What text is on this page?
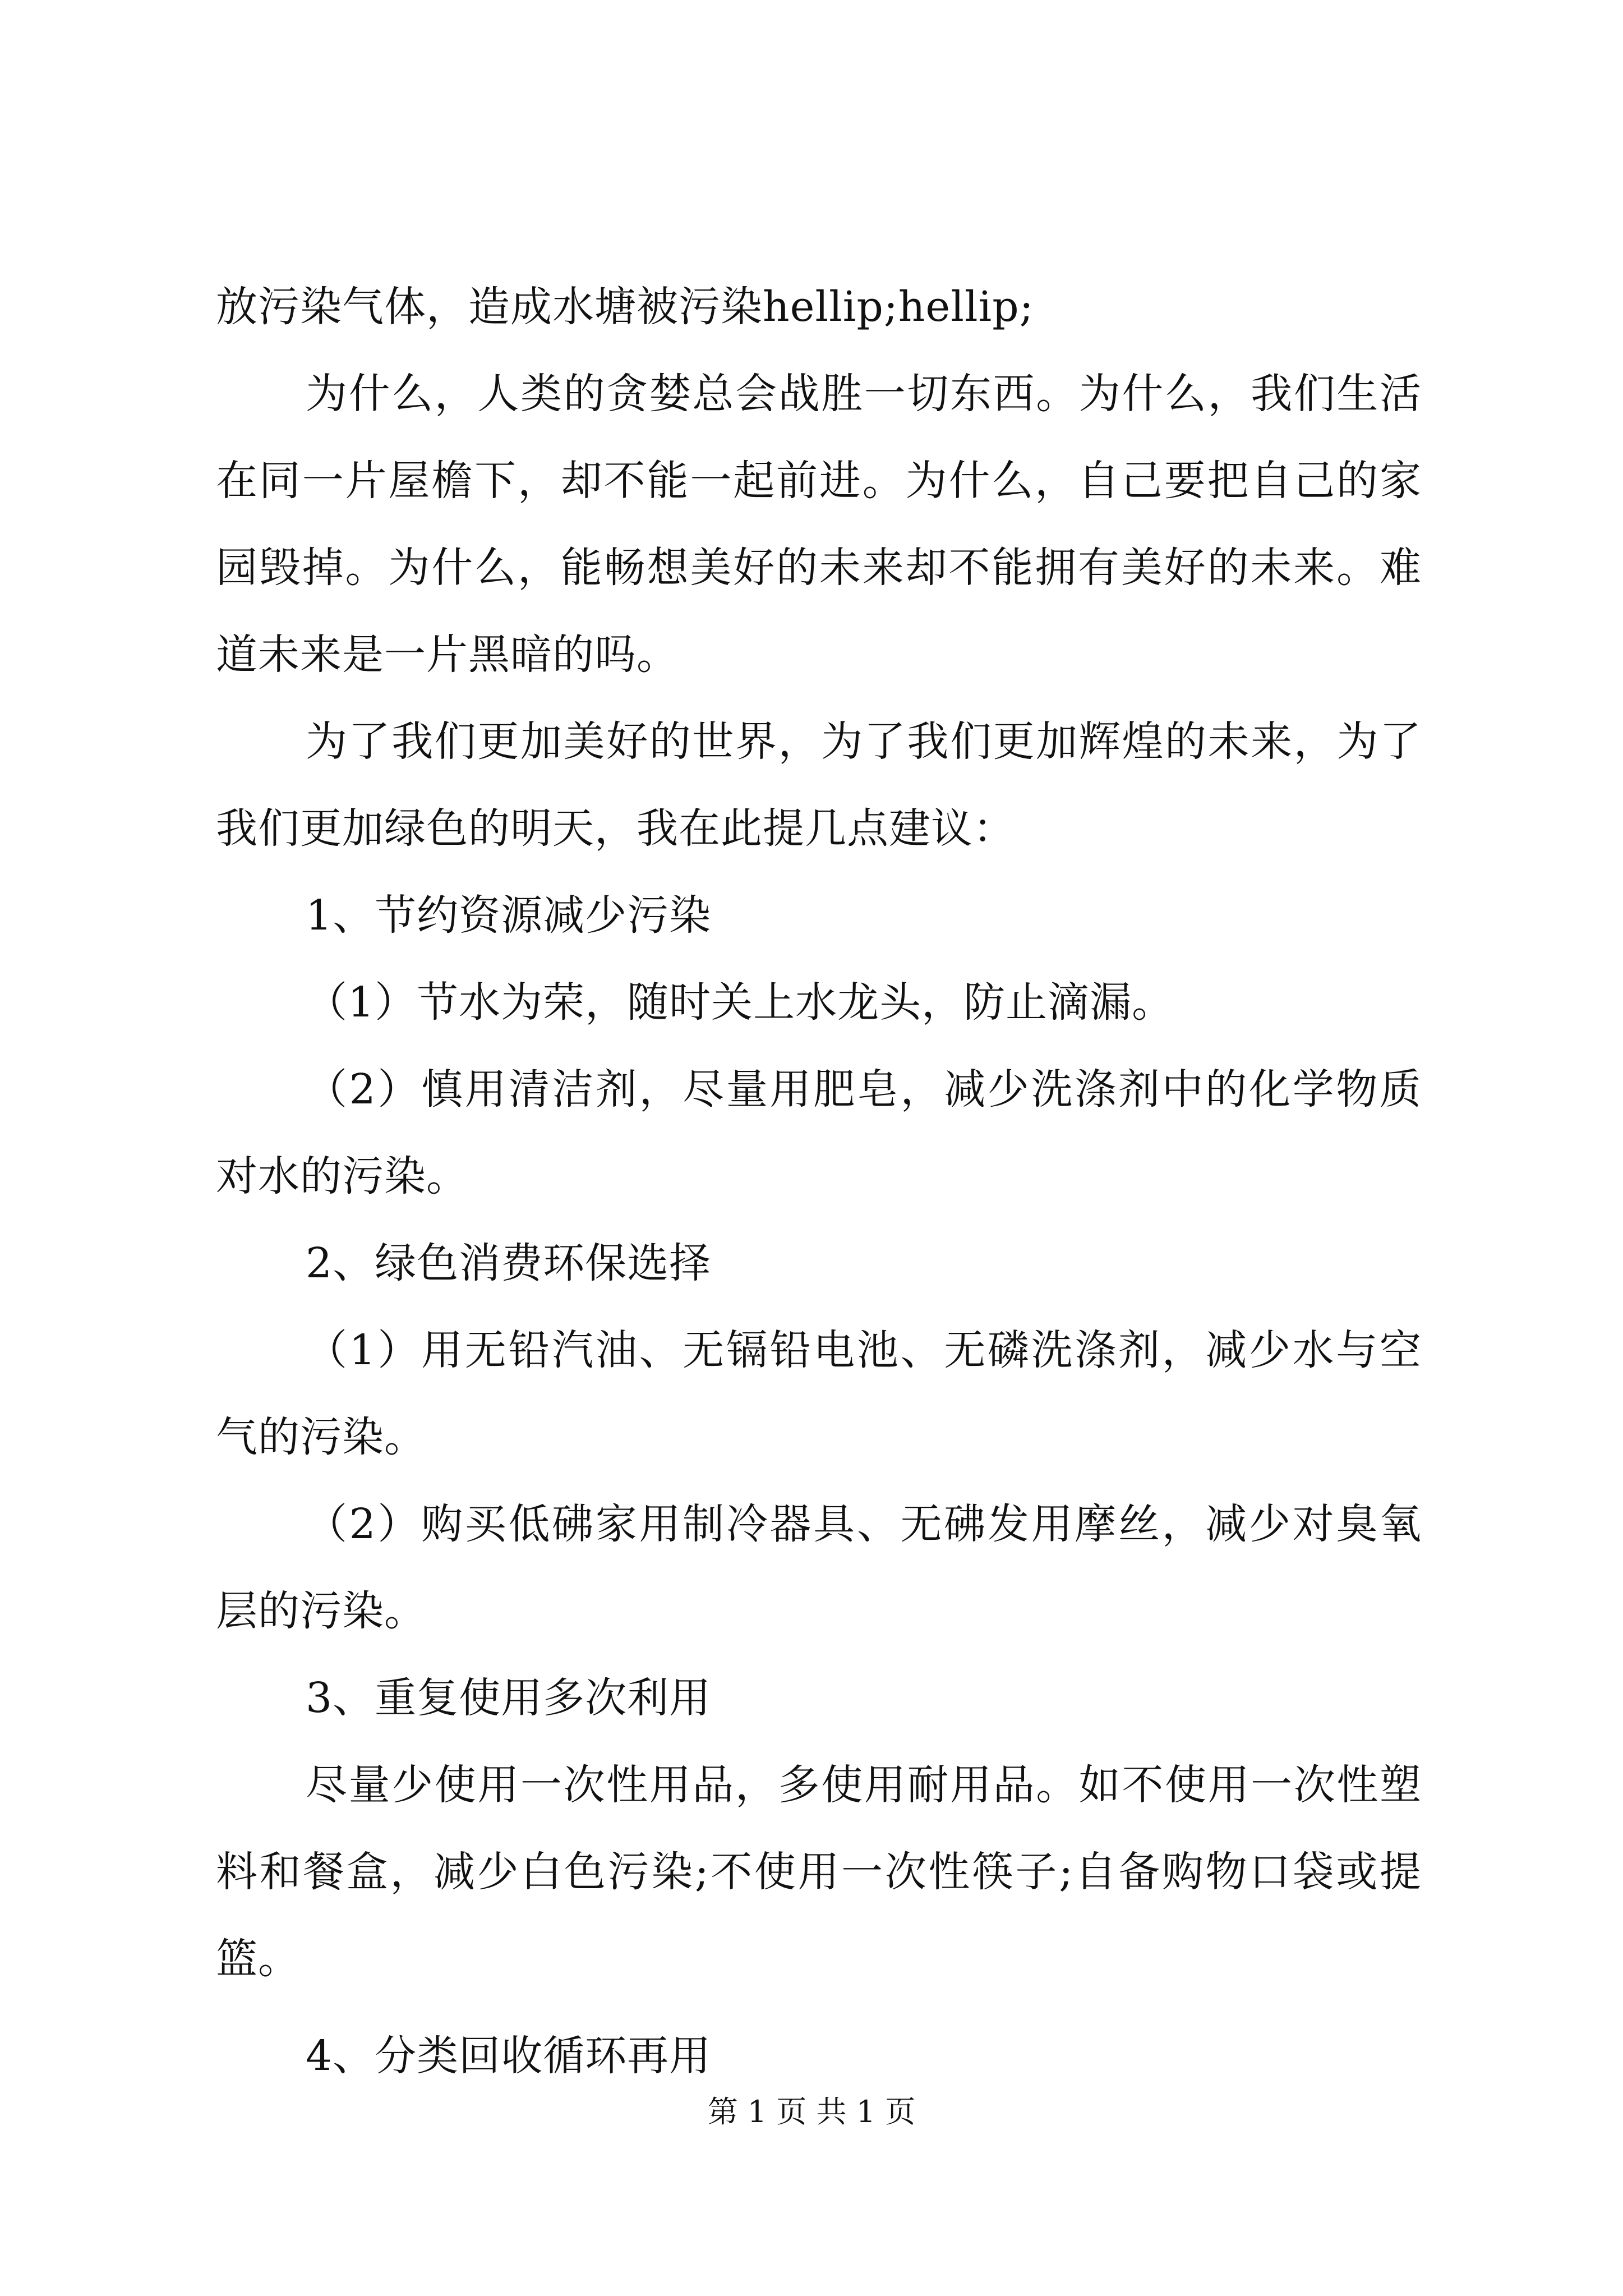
放污染气体，造成水塘被污染hellip;hellip;

为什么，人类的贪婪总会战胜一切东西。为什么，我们生活在同一片屋檐下，却不能一起前进。为什么，自己要把自己的家园毁掉。为什么，能畅想美好的未来却不能拥有美好的未来。难道未来是一片黑暗的吗。

为了我们更加美好的世界，为了我们更加辉煌的未来，为了我们更加绿色的明天，我在此提几点建议：

1、节约资源减少污染

（1）节水为荣，随时关上水龙头，防止滴漏。

（2）慎用清洁剂，尽量用肥皂，减少洗涤剂中的化学物质对水的污染。

2、绿色消费环保选择

（1）用无铅汽油、无镉铅电池、无磷洗涤剂，减少水与空气的污染。

（2）购买低砩家用制冷器具、无砩发用摩丝，减少对臭氧层的污染。

3、重复使用多次利用

尽量少使用一次性用品，多使用耐用品。如不使用一次性塑料和餐盒，减少白色污染;不使用一次性筷子;自备购物口袋或提篮。

4、分类回收循环再用

第 1 页 共 1 页
